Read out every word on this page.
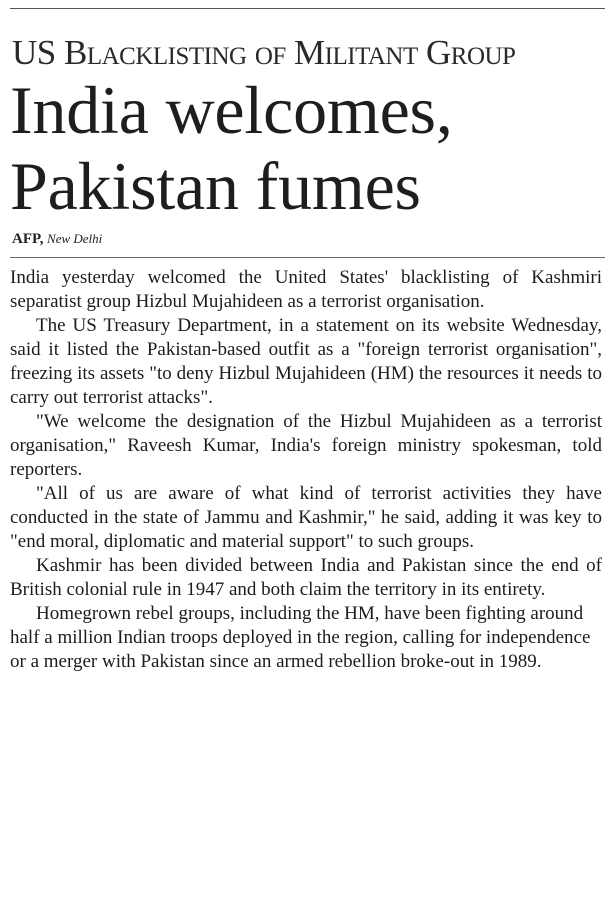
US Blacklisting of Militant Group
India welcomes,
Pakistan fumes
AFP, New Delhi

India yesterday welcomed the United States' blacklisting of Kashmiri separatist group Hizbul Mujahideen as a terrorist organisation.

The US Treasury Department, in a statement on its website Wednesday, said it listed the Pakistan-based outfit as a "foreign terrorist organisation", freezing its assets "to deny Hizbul Mujahideen (HM) the resources it needs to carry out terrorist attacks".

"We welcome the designation of the Hizbul Mujahideen as a terrorist organisation," Raveesh Kumar, India's foreign ministry spokesman, told reporters.

"All of us are aware of what kind of terrorist activities they have conducted in the state of Jammu and Kashmir," he said, adding it was key to "end moral, diplomatic and material support" to such groups.

Kashmir has been divided between India and Pakistan since the end of British colonial rule in 1947 and both claim the territory in its entirety.

Homegrown rebel groups, including the HM, have been fighting around half a million Indian troops deployed in the region, calling for independence or a merger with Pakistan since an armed rebellion broke-out in 1989.
